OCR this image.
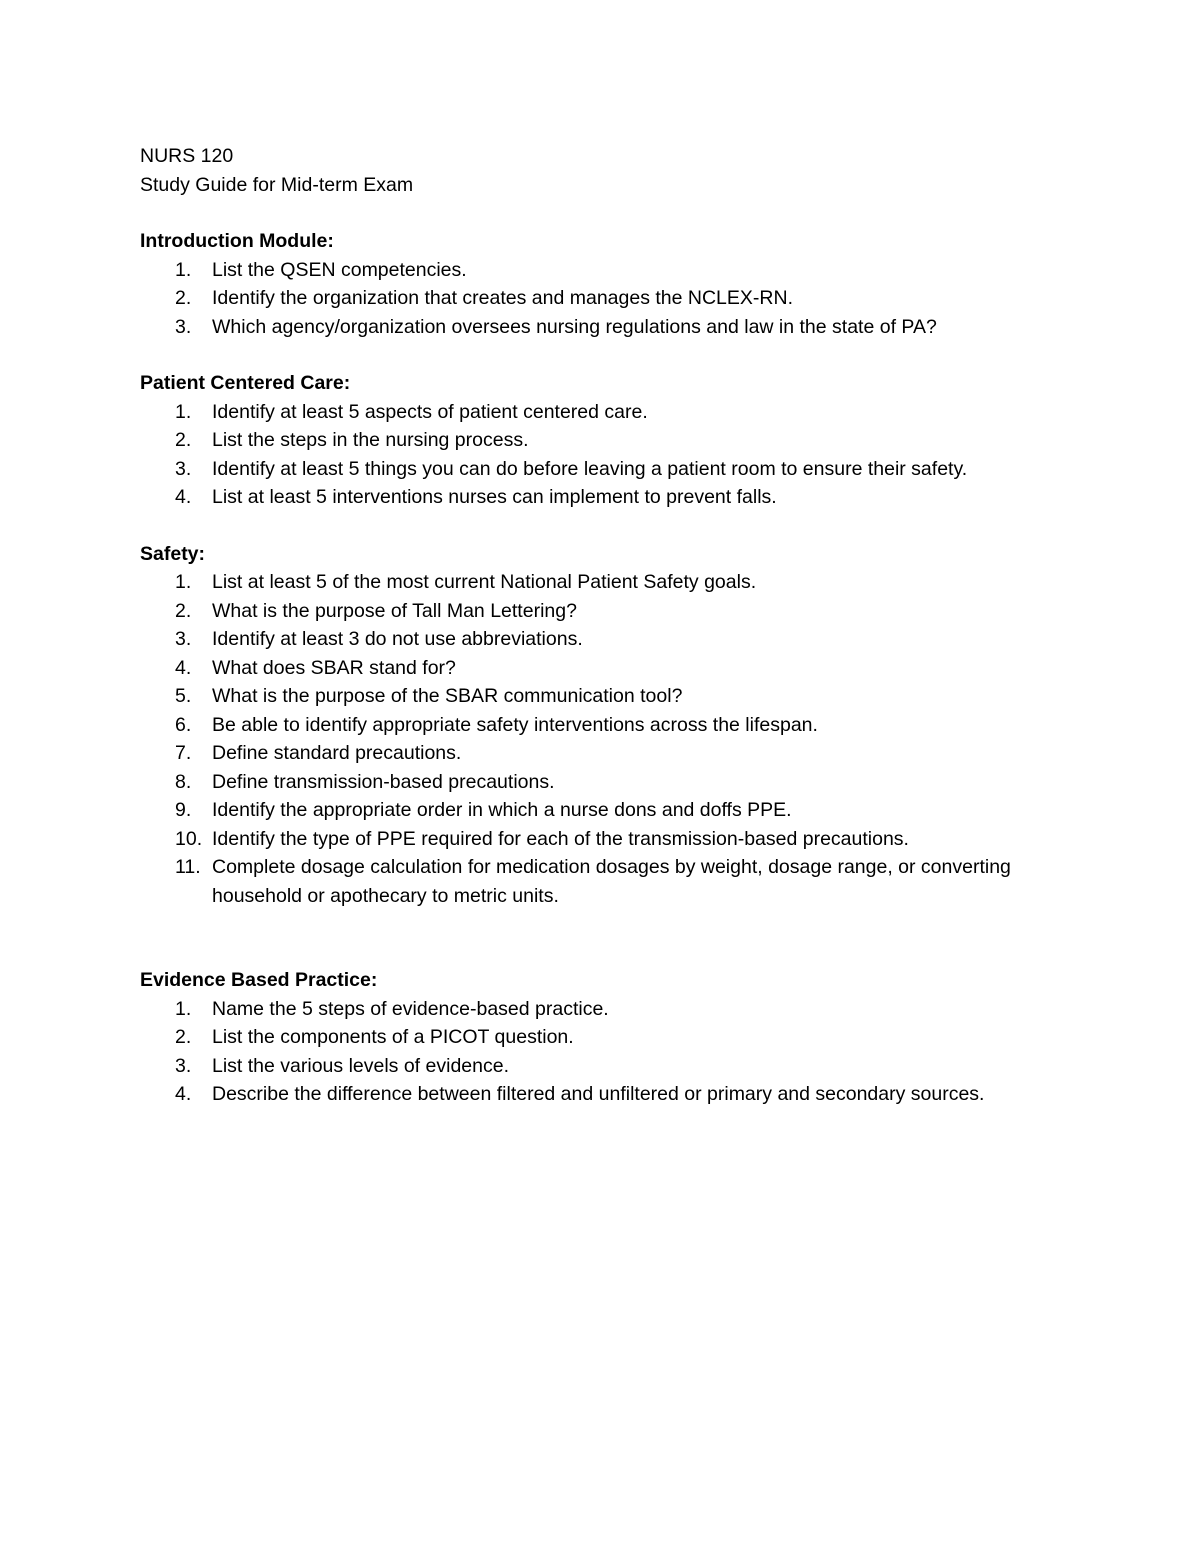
NURS 120

Study Guide for Mid-term Exam

Introduction Module:

1. List the QSEN competencies.
2. Identify the organization that creates and manages the NCLEX-RN.
3. Which agency/organization oversees nursing regulations and law in the state of PA?

Patient Centered Care:

1. Identify at least 5 aspects of patient centered care.
2. List the steps in the nursing process.
3. Identify at least 5 things you can do before leaving a patient room to ensure their safety.
4. List at least 5 interventions nurses can implement to prevent falls.

Safety:

1. List at least 5 of the most current National Patient Safety goals.
2. What is the purpose of Tall Man Lettering?
3. Identify at least 3 do not use abbreviations.
4. What does SBAR stand for?
5. What is the purpose of the SBAR communication tool?
6. Be able to identify appropriate safety interventions across the lifespan.
7. Define standard precautions.
8. Define transmission-based precautions.
9. Identify the appropriate order in which a nurse dons and doffs PPE.
10. Identify the type of PPE required for each of the transmission-based precautions.
11. Complete dosage calculation for medication dosages by weight, dosage range, or converting household or apothecary to metric units.

Evidence Based Practice:

1. Name the 5 steps of evidence-based practice.
2. List the components of a PICOT question.
3. List the various levels of evidence.
4. Describe the difference between filtered and unfiltered or primary and secondary sources.
